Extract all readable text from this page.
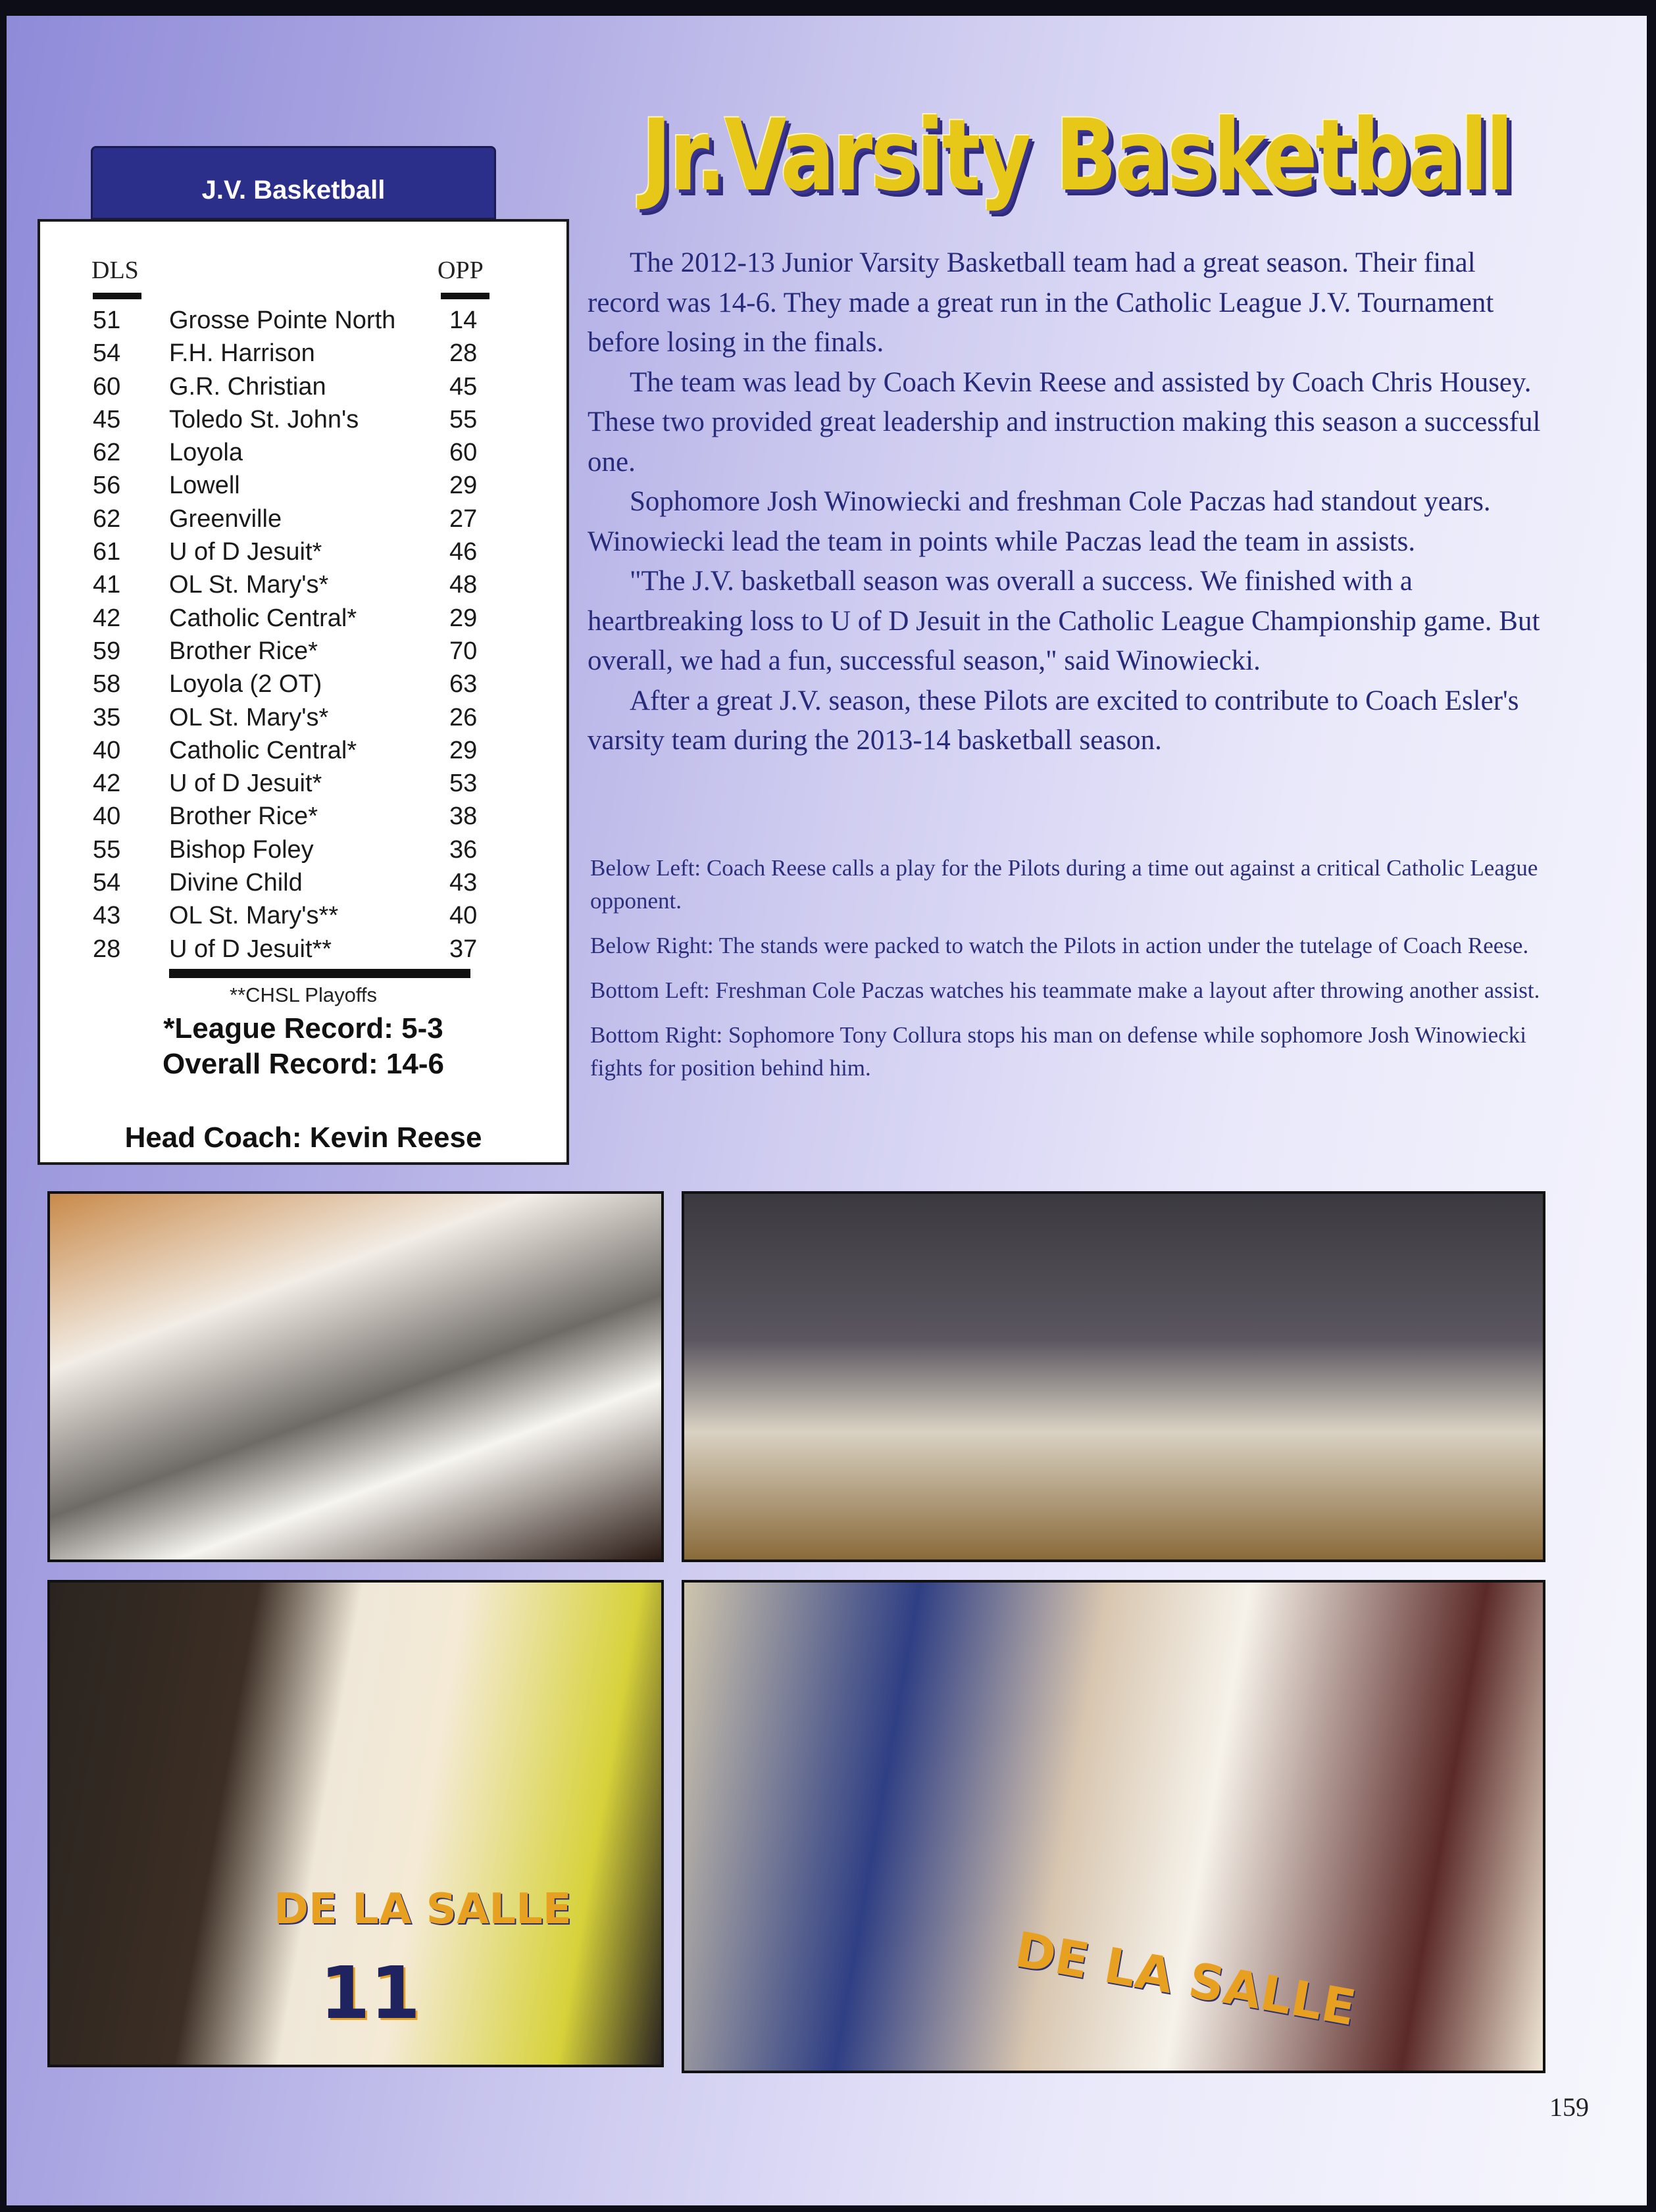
Jr.Varsity Basketball
J.V. Basketball
DLS	OPP
51 Grosse Pointe North 14
54 F.H. Harrison	28
60 G.R. Christian	45
45 Toledo St. John's	55
62 Loyola	60
56 Lowell	29
62 Greenville	27
61 U of D Jesuit*	46
41 OL St. Mary's*	48
42 Catholic Central*	29
59 Brother Rice*	70
58 Loyola (2 OT)	63
35 OL St. Mary's*	26
40 Catholic Central*	29
42 U of D Jesuit*	53
40 Brother Rice*	38
55 Bishop Foley	36
54 Divine Child	43
43 OL St. Mary's**	40
28 U of D Jesuit**	37
**CHSL Playoffs
*League Record: 5-3
Overall Record: 14-6
Head Coach: Kevin Reese

The 2012-13 Junior Varsity Basketball team had a great season. Their final record was 14-6. They made a great run in the Catholic League J.V. Tournament before losing in the finals.

The team was lead by Coach Kevin Reese and assisted by Coach Chris Housey. These two provided great leadership and instruction making this season a successful one.

Sophomore Josh Winowiecki and freshman Cole Paczas had standout years. Winowiecki lead the team in points while Paczas lead the team in assists.

"The J.V. basketball season was overall a success. We finished with a heartbreaking loss to U of D Jesuit in the Catholic League Championship game. But overall, we had a fun, successful season," said Winowiecki.

After a great J.V. season, these Pilots are excited to contribute to Coach Esler's varsity team during the 2013-14 basketball season.

Below Left: Coach Reese calls a play for the Pilots during a time out against a critical Catholic League opponent.

Below Right: The stands were packed to watch the Pilots in action under the tutelage of Coach Reese.

Bottom Left: Freshman Cole Paczas watches his teammate make a layout after throwing another assist.

Bottom Right: Sophomore Tony Collura stops his man on defense while sophomore Josh Winowiecki fights for position behind him.

DE LA SALLE
11	DE LA SALLE
159
